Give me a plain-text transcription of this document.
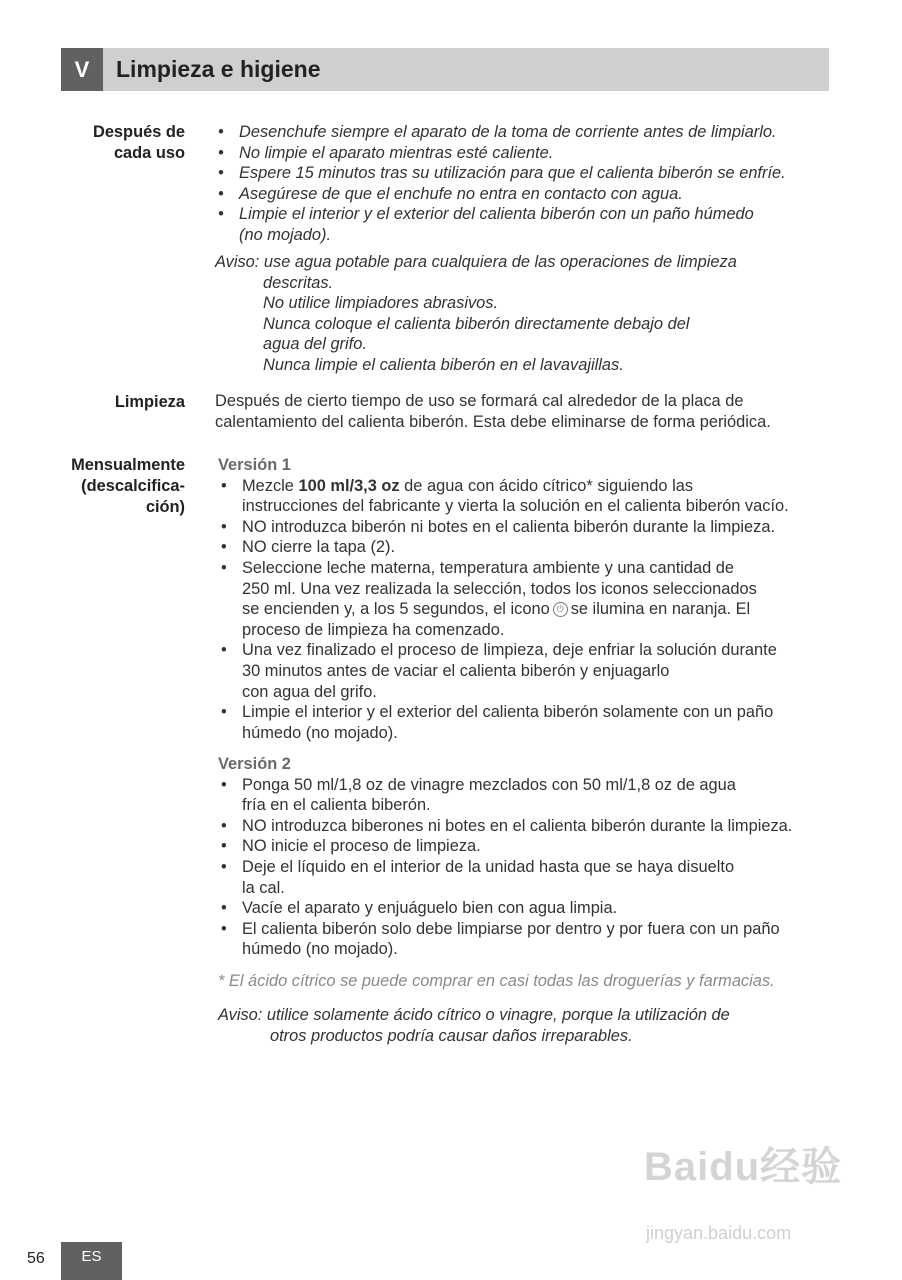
V	Limpieza e higiene
Después de
cada uso
• Desenchufe siempre el aparato de la toma de corriente antes de limpiarlo.
• No limpie el aparato mientras esté caliente.
• Espere 15 minutos tras su utilización para que el calienta biberón se enfríe.
• Asegúrese de que el enchufe no entra en contacto con agua.
• Limpie el interior y el exterior del calienta biberón con un paño húmedo
(no mojado).
Aviso: use agua potable para cualquiera de las operaciones de limpieza
descritas.
No utilice limpiadores abrasivos.
Nunca coloque el calienta biberón directamente debajo del
agua del grifo.
Nunca limpie el calienta biberón en el lavavajillas.
Limpieza Después de cierto tiempo de uso se formará cal alrededor de la placa de
calentamiento del calienta biberón. Esta debe eliminarse de forma periódica.
Mensualmente
(descalcifica-
ción)
Versión 1
• Mezcle 100 ml/3,3 oz de agua con ácido cítrico* siguiendo las
instrucciones del fabricante y vierta la solución en el calienta biberón vacío.
• NO introduzca biberón ni botes en el calienta biberón durante la limpieza.
• NO cierre la tapa (2).
• Seleccione leche materna, temperatura ambiente y una cantidad de
250 ml. Una vez realizada la selección, todos los iconos seleccionados
se encienden y, a los 5 segundos, el icono ⏻ se ilumina en naranja. El
proceso de limpieza ha comenzado.
• Una vez finalizado el proceso de limpieza, deje enfriar la solución durante
30 minutos antes de vaciar el calienta biberón y enjuagarlo
con agua del grifo.
• Limpie el interior y el exterior del calienta biberón solamente con un paño
húmedo (no mojado).
Versión 2
• Ponga 50 ml/1,8 oz de vinagre mezclados con 50 ml/1,8 oz de agua
fría en el calienta biberón.
• NO introduzca biberones ni botes en el calienta biberón durante la limpieza.
• NO inicie el proceso de limpieza.
• Deje el líquido en el interior de la unidad hasta que se haya disuelto
la cal.
• Vacíe el aparato y enjuáguelo bien con agua limpia.
• El calienta biberón solo debe limpiarse por dentro y por fuera con un paño
húmedo (no mojado).
* El ácido cítrico se puede comprar en casi todas las droguerías y farmacias.
Aviso: utilice solamente ácido cítrico o vinagre, porque la utilización de
otros productos podría causar daños irreparables.
Baidu经验
jingyan.baidu.com
56	ES
